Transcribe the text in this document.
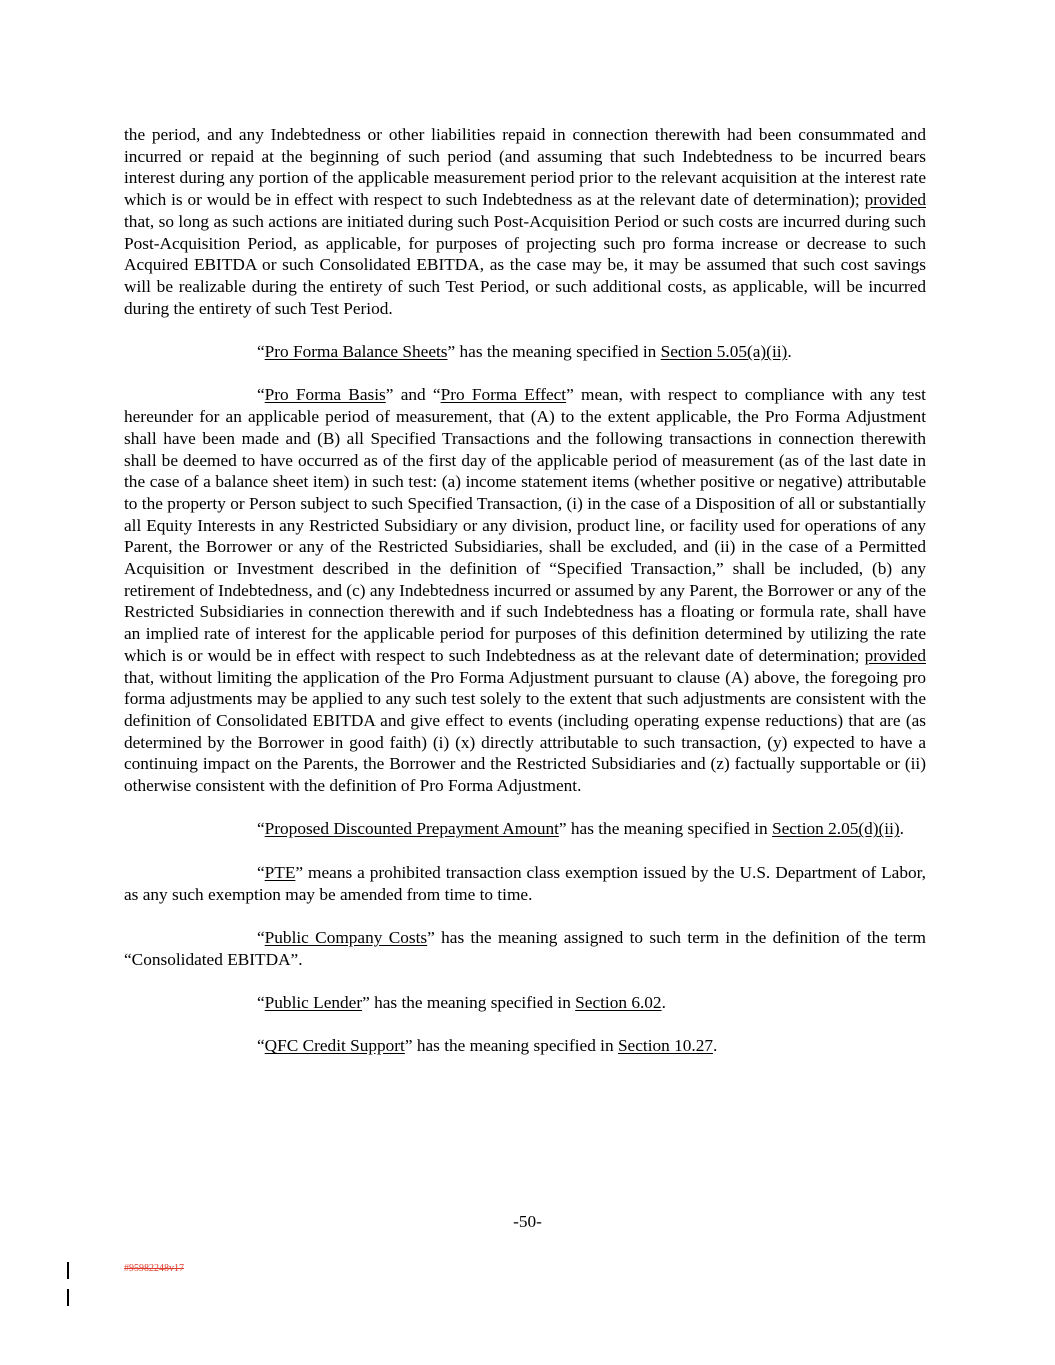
the period, and any Indebtedness or other liabilities repaid in connection therewith had been consummated and incurred or repaid at the beginning of such period (and assuming that such Indebtedness to be incurred bears interest during any portion of the applicable measurement period prior to the relevant acquisition at the interest rate which is or would be in effect with respect to such Indebtedness as at the relevant date of determination); provided that, so long as such actions are initiated during such Post-Acquisition Period or such costs are incurred during such Post-Acquisition Period, as applicable, for purposes of projecting such pro forma increase or decrease to such Acquired EBITDA or such Consolidated EBITDA, as the case may be, it may be assumed that such cost savings will be realizable during the entirety of such Test Period, or such additional costs, as applicable, will be incurred during the entirety of such Test Period.

“Pro Forma Balance Sheets” has the meaning specified in Section 5.05(a)(ii).

“Pro Forma Basis” and “Pro Forma Effect” mean, with respect to compliance with any test hereunder for an applicable period of measurement, that (A) to the extent applicable, the Pro Forma Adjustment shall have been made and (B) all Specified Transactions and the following transactions in connection therewith shall be deemed to have occurred as of the first day of the applicable period of measurement (as of the last date in the case of a balance sheet item) in such test: (a) income statement items (whether positive or negative) attributable to the property or Person subject to such Specified Transaction, (i) in the case of a Disposition of all or substantially all Equity Interests in any Restricted Subsidiary or any division, product line, or facility used for operations of any Parent, the Borrower or any of the Restricted Subsidiaries, shall be excluded, and (ii) in the case of a Permitted Acquisition or Investment described in the definition of “Specified Transaction,” shall be included, (b) any retirement of Indebtedness, and (c) any Indebtedness incurred or assumed by any Parent, the Borrower or any of the Restricted Subsidiaries in connection therewith and if such Indebtedness has a floating or formula rate, shall have an implied rate of interest for the applicable period for purposes of this definition determined by utilizing the rate which is or would be in effect with respect to such Indebtedness as at the relevant date of determination; provided that, without limiting the application of the Pro Forma Adjustment pursuant to clause (A) above, the foregoing pro forma adjustments may be applied to any such test solely to the extent that such adjustments are consistent with the definition of Consolidated EBITDA and give effect to events (including operating expense reductions) that are (as determined by the Borrower in good faith) (i) (x) directly attributable to such transaction, (y) expected to have a continuing impact on the Parents, the Borrower and the Restricted Subsidiaries and (z) factually supportable or (ii) otherwise consistent with the definition of Pro Forma Adjustment.

“Proposed Discounted Prepayment Amount” has the meaning specified in Section 2.05(d)(ii).

“PTE” means a prohibited transaction class exemption issued by the U.S. Department of Labor, as any such exemption may be amended from time to time.

“Public Company Costs” has the meaning assigned to such term in the definition of the term “Consolidated EBITDA”.

“Public Lender” has the meaning specified in Section 6.02.

“QFC Credit Support” has the meaning specified in Section 10.27.

-50-
#95982248v17
